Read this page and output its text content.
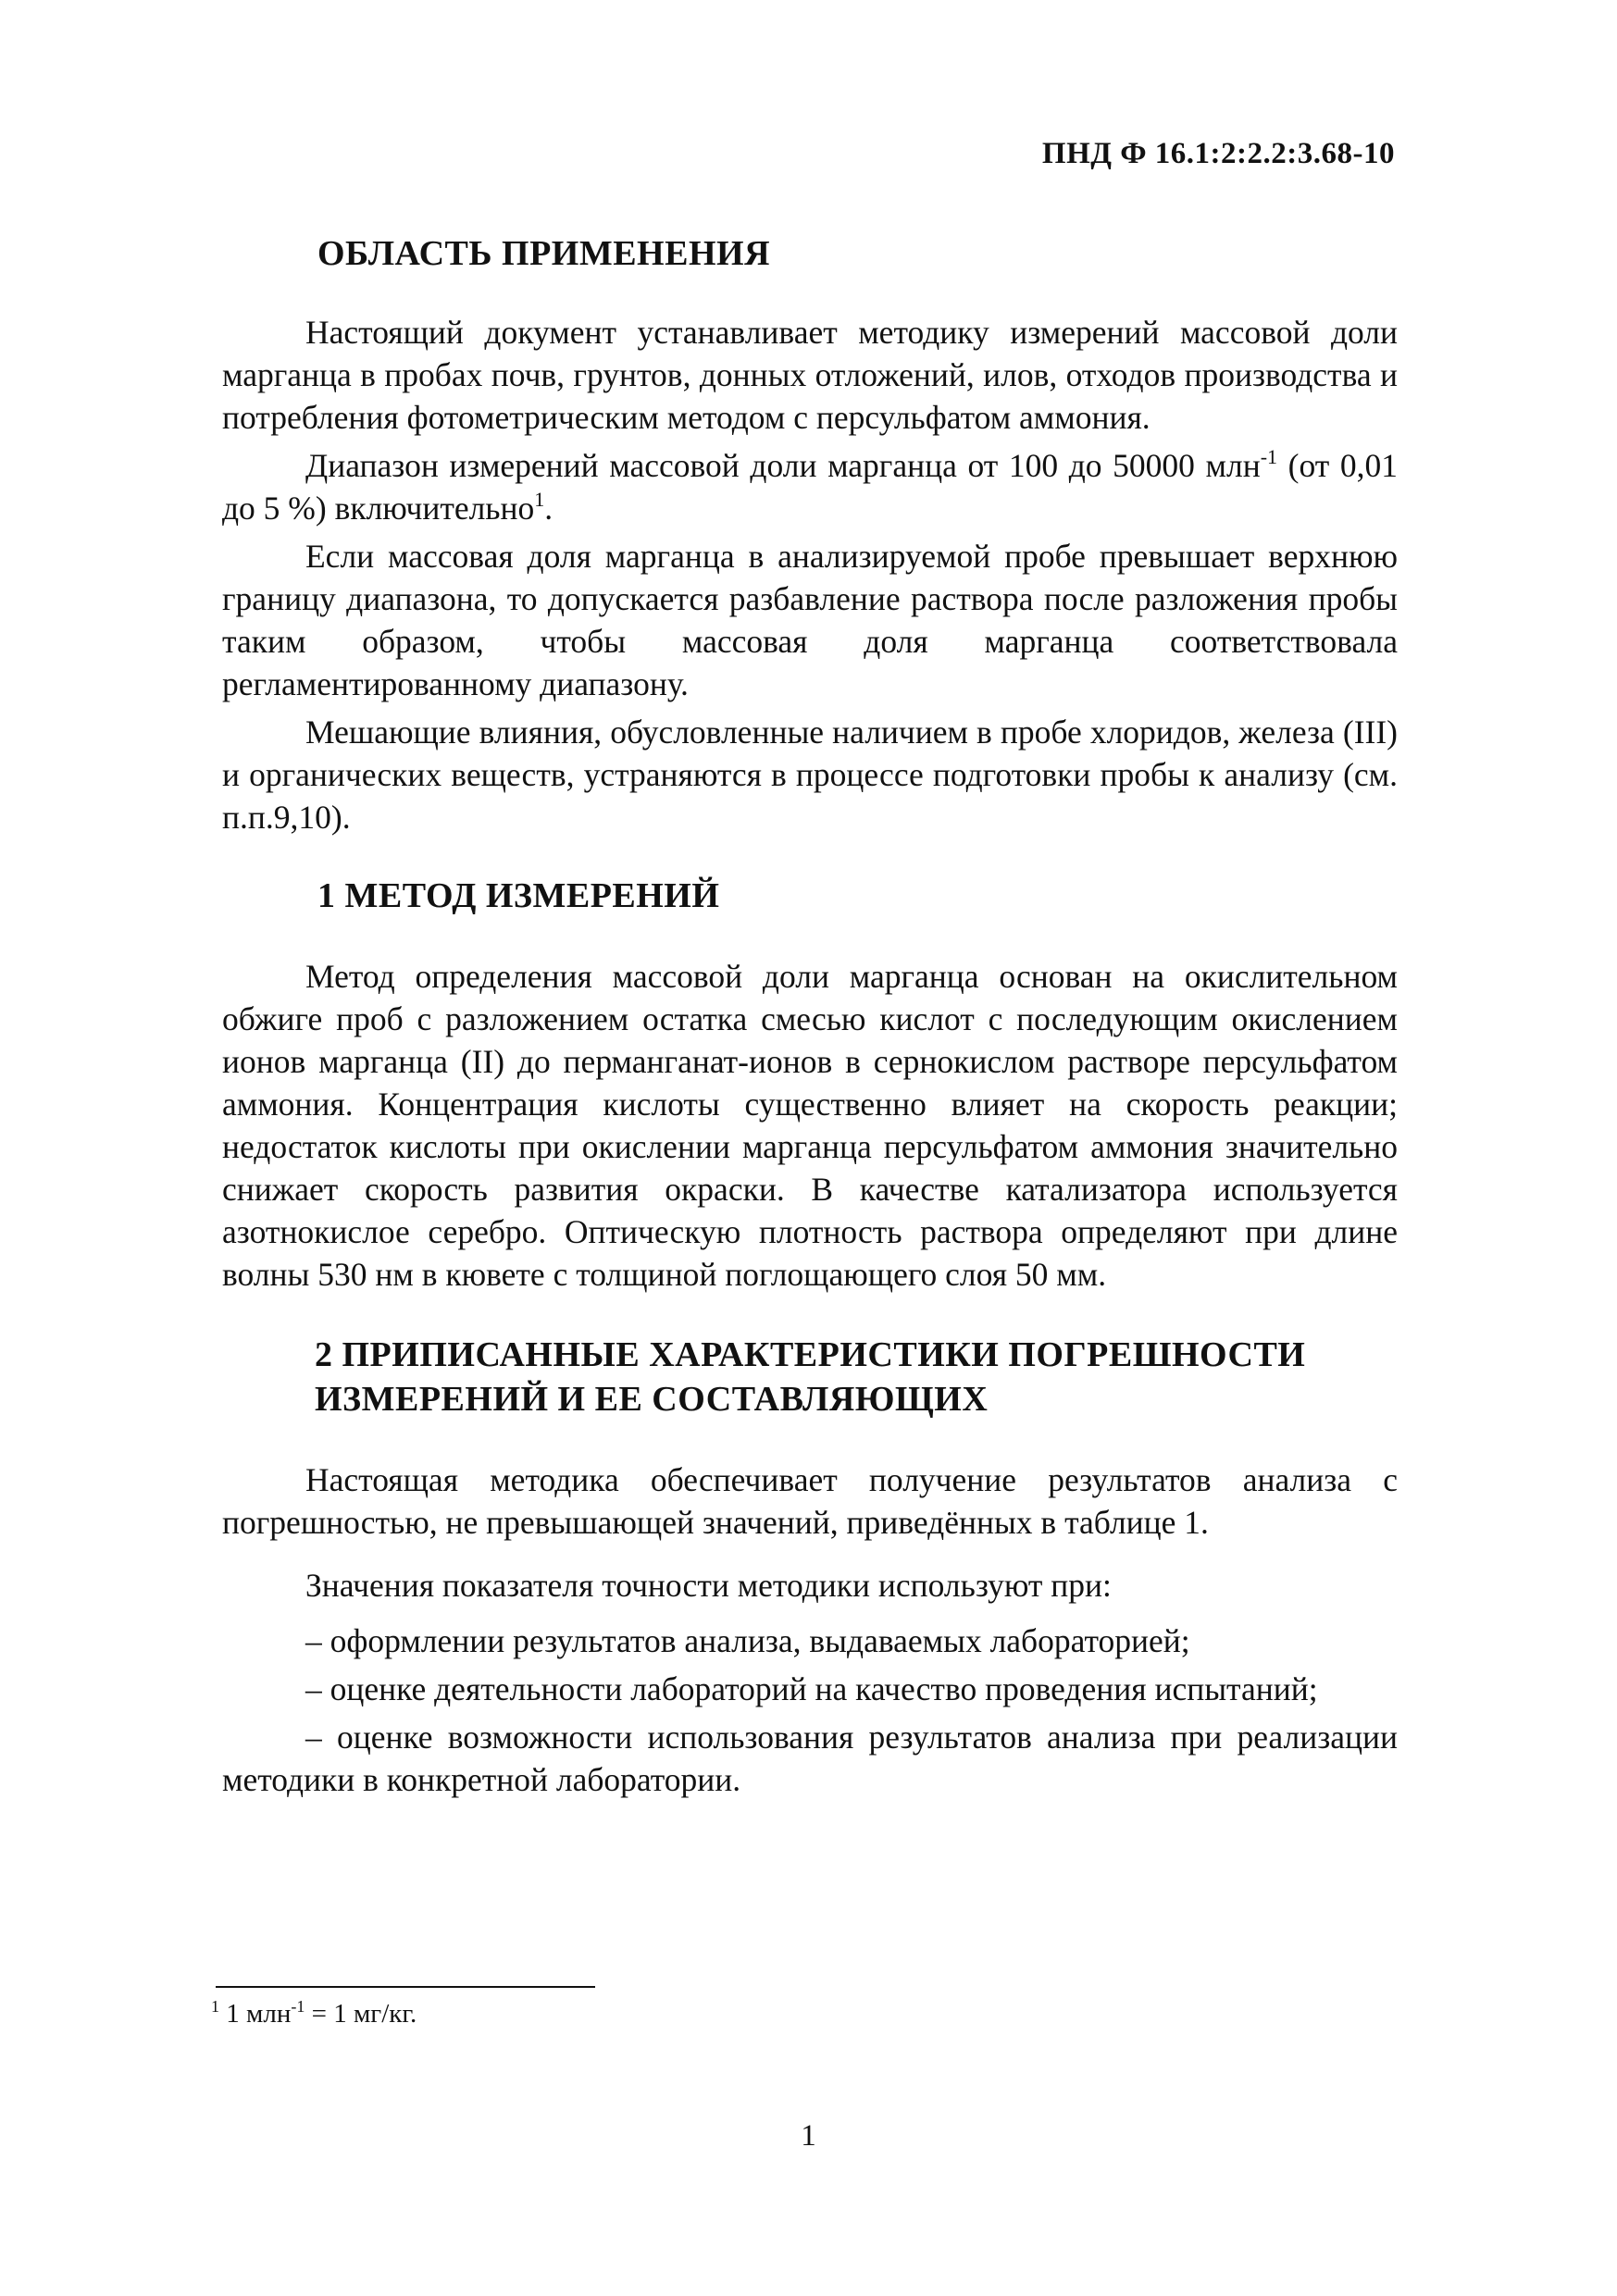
ПНД Ф 16.1:2:2.2:3.68-10
ОБЛАСТЬ ПРИМЕНЕНИЯ

Настоящий документ устанавливает методику измерений массовой доли марганца в пробах почв, грунтов, донных отложений, илов, отходов производства и потребления фотометрическим методом с персульфатом аммония.

Диапазон измерений массовой доли марганца от 100 до 50000 млн$^{-1}$ (от 0,01 до 5 %) включительно$^1$.

Если массовая доля марганца в анализируемой пробе превышает верхнюю границу диапазона, то допускается разбавление раствора после разложения пробы таким образом, чтобы массовая доля марганца соответствовала регламентированному диапазону.

Мешающие влияния, обусловленные наличием в пробе хлоридов, железа (III) и органических веществ, устраняются в процессе подготовки пробы к анализу (см. п.п.9,10).

1 МЕТОД ИЗМЕРЕНИЙ

Метод определения массовой доли марганца основан на окислительном обжиге проб с разложением остатка смесью кислот с последующим окислением ионов марганца (II) до перманганат-ионов в сернокислом растворе персульфатом аммония. Концентрация кислоты существенно влияет на скорость реакции; недостаток кислоты при окислении марганца персульфатом аммония значительно снижает скорость развития окраски. В качестве катализатора используется азотнокислое серебро. Оптическую плотность раствора определяют при длине волны 530 нм в кювете с толщиной поглощающего слоя 50 мм.

2 ПРИПИСАННЫЕ ХАРАКТЕРИСТИКИ ПОГРЕШНОСТИ
ИЗМЕРЕНИЙ И ЕЕ СОСТАВЛЯЮЩИХ

Настоящая методика обеспечивает получение результатов анализа с погрешностью, не превышающей значений, приведённых в таблице 1.

Значения показателя точности методики используют при:

– оформлении результатов анализа, выдаваемых лабораторией;

– оценке деятельности лабораторий на качество проведения испытаний;

– оценке возможности использования результатов анализа при реализации методики в конкретной лаборатории.

$^1$ 1 млн$^{-1}$ = 1 мг/кг.
1
